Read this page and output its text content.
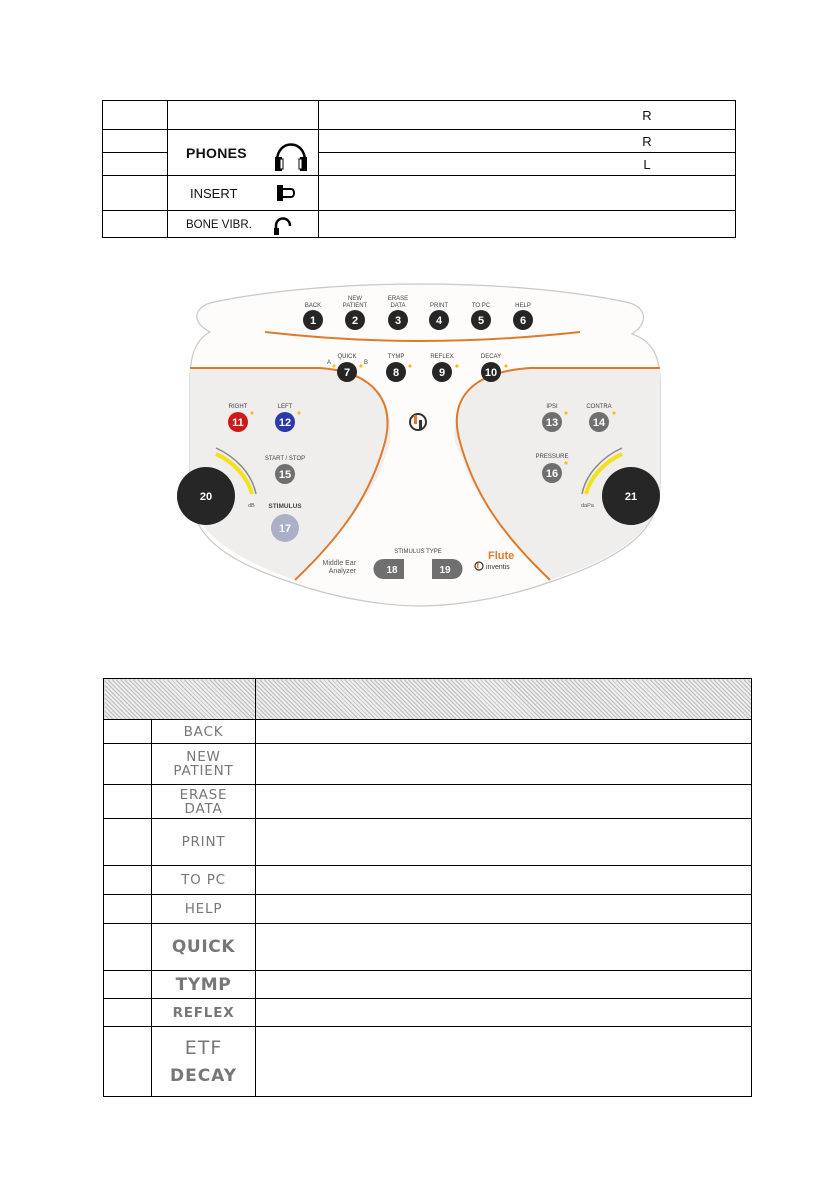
		R
	PHONES	R
		L
	INSERT

	BONE VIBR.

BACK
1
NEW
PATIENT
2
ERASE
DATA
3
PRINT
4
TO PC
5
HELP
6
QUICK
A	B
7
TYMP
8
REFLEX
9
DECAY
10
RIGHT
11
LEFT
12
START / STOP
15
STIMULUS
17
IPSI
13
CONTRA
14
PRESSURE
16
20
dB
21
daPa
STIMULUS TYPE
18	19
Middle Ear
Analyzer
Flute
inventis

	BACK	

	NEW
PATIENT	

	ERASE
DATA	

	PRINT	

	TO PC	

	HELP	

	QUICK	

	TYMP	

	REFLEX	

	ETF
DECAY	
